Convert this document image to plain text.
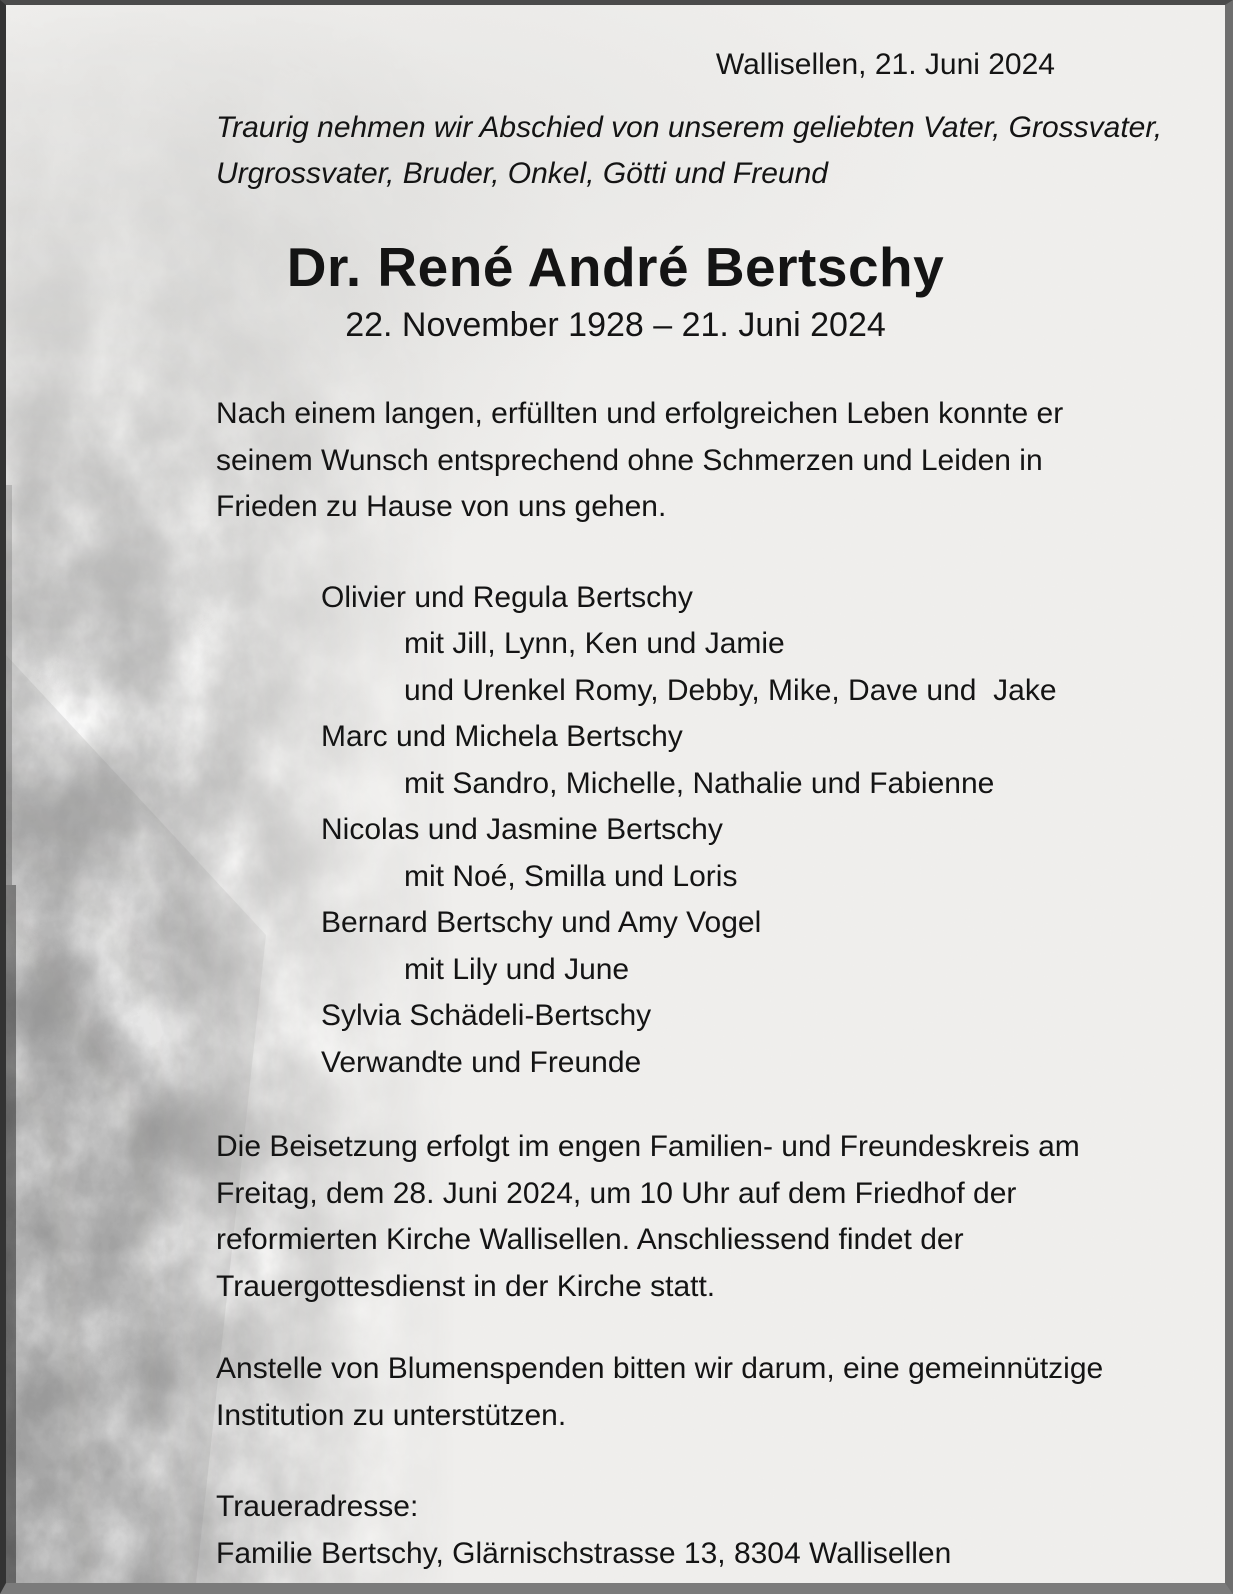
Wallisellen, 21. Juni 2024
Traurig nehmen wir Abschied von unserem geliebten Vater, Grossvater,
Urgrossvater, Bruder, Onkel, Götti und Freund
Dr. René André Bertschy
22. November 1928 – 21. Juni 2024
Nach einem langen, erfüllten und erfolgreichen Leben konnte er
seinem Wunsch entsprechend ohne Schmerzen und Leiden in
Frieden zu Hause von uns gehen.
Olivier und Regula Bertschy
mit Jill, Lynn, Ken und Jamie
und Urenkel Romy, Debby, Mike, Dave und  Jake
Marc und Michela Bertschy
mit Sandro, Michelle, Nathalie und Fabienne
Nicolas und Jasmine Bertschy
mit Noé, Smilla und Loris
Bernard Bertschy und Amy Vogel
mit Lily und June
Sylvia Schädeli-Bertschy
Verwandte und Freunde
Die Beisetzung erfolgt im engen Familien- und Freundeskreis am
Freitag, dem 28. Juni 2024, um 10 Uhr auf dem Friedhof der
reformierten Kirche Wallisellen. Anschliessend findet der
Trauergottesdienst in der Kirche statt.
Anstelle von Blumenspenden bitten wir darum, eine gemeinnützige
Institution zu unterstützen.
Traueradresse:
Familie Bertschy, Glärnischstrasse 13, 8304 Wallisellen
